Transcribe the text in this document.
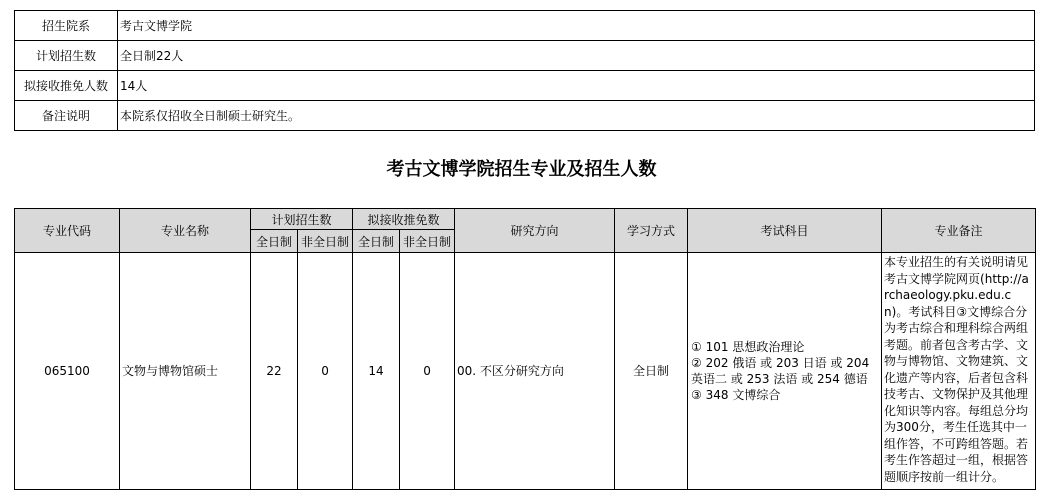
招生院系	考古文博学院
计划招生数	全日制22人
拟接收推免人数	14人
备注说明	本院系仅招收全日制硕士研究生。
考古文博学院招生专业及招生人数
专业代码	专业名称	计划招生数		拟接收推免数		研究方向	学习方式	考试科目	专业备注
		全日制	非全日制	全日制	非全日制				
065100	文物与博物馆硕士	22	0	14	0	00. 不区分研究方向	全日制	① 101 思想政治理论
② 202 俄语 或 203 日语 或 204 英语二 或 253 法语 或 254 德语
③ 348 文博综合	本专业招生的有关说明请见考古文博学院网页(http://archaeology.pku.edu.cn)。考试科目③文博综合分为考古综合和理科综合两组考题。前者包含考古学、文物与博物馆、文物建筑、文化遗产等内容，后者包含科技考古、文物保护及其他理化知识等内容。每组总分均为300分，考生任选其中一组作答，不可跨组答题。若考生作答超过一组，根据答题顺序按前一组计分。
